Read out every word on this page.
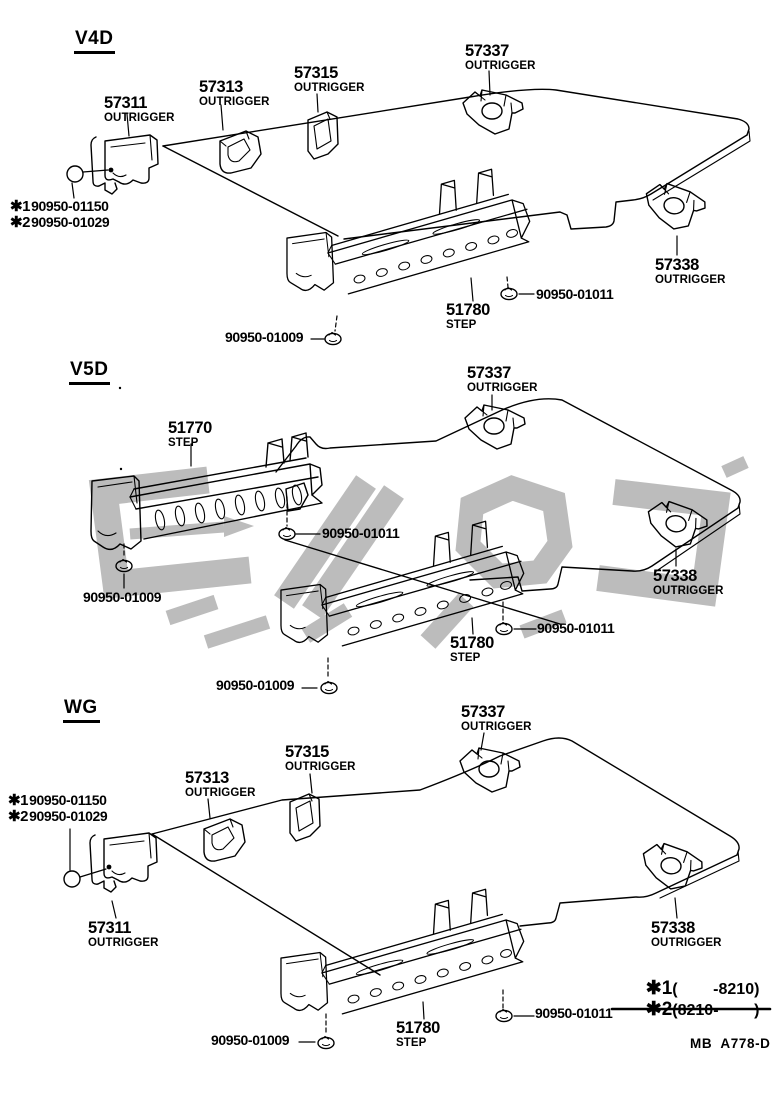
V4D
57311
OUTRIGGER
57313
OUTRIGGER
57315
OUTRIGGER
57337
OUTRIGGER
57338
OUTRIGGER
51780
STEP
90950-01011
90950-01009
✱190950-01150
✱290950-01029
V5D
51770
STEP
57337
OUTRIGGER
57338
OUTRIGGER
51780
STEP
90950-01011
90950-01009
90950-01011
90950-01009
WG
✱190950-01150
✱290950-01029
57313
OUTRIGGER
57315
OUTRIGGER
57311
OUTRIGGER
57337
OUTRIGGER
57338
OUTRIGGER
51780
STEP
90950-01009
90950-01011

✱1(        -8210)

✱2(8210-        )

MB  A778-D
